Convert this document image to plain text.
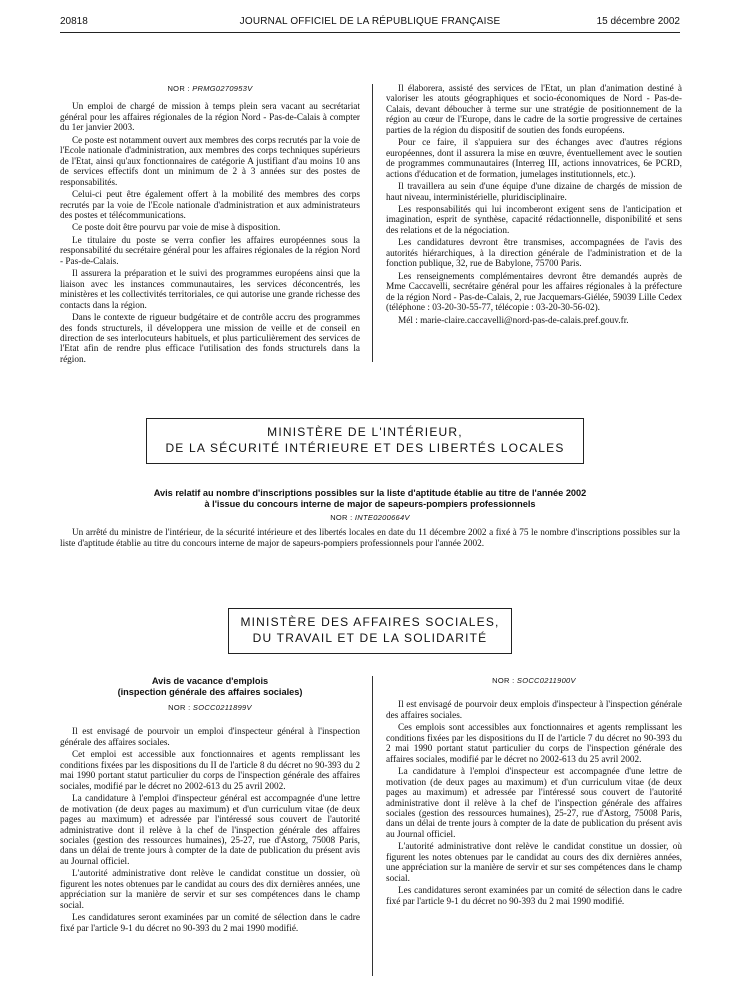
20818	JOURNAL OFFICIEL DE LA RÉPUBLIQUE FRANÇAISE	15 décembre 2002
NOR : PRMG0270953V

Un emploi de chargé de mission à temps plein sera vacant au secrétariat général pour les affaires régionales de la région Nord - Pas-de-Calais à compter du 1er janvier 2003.

Ce poste est notamment ouvert aux membres des corps recrutés par la voie de l'Ecole nationale d'administration, aux membres des corps techniques supérieurs de l'Etat, ainsi qu'aux fonctionnaires de catégorie A justifiant d'au moins 10 ans de services effectifs dont un minimum de 2 à 3 années sur des postes de responsabilités.

Celui-ci peut être également offert à la mobilité des membres des corps recrutés par la voie de l'Ecole nationale d'administration et aux administrateurs des postes et télécommunications.

Ce poste doit être pourvu par voie de mise à disposition.

Le titulaire du poste se verra confier les affaires européennes sous la responsabilité du secrétaire général pour les affaires régionales de la région Nord - Pas-de-Calais.

Il assurera la préparation et le suivi des programmes européens ainsi que la liaison avec les instances communautaires, les services déconcentrés, les ministères et les collectivités territoriales, ce qui autorise une grande richesse des contacts dans la région.

Dans le contexte de rigueur budgétaire et de contrôle accru des programmes des fonds structurels, il développera une mission de veille et de conseil en direction de ses interlocuteurs habituels, et plus particulièrement des services de l'Etat afin de rendre plus efficace l'utilisation des fonds structurels dans la région.

Il élaborera, assisté des services de l'Etat, un plan d'animation destiné à valoriser les atouts géographiques et socio-économiques de Nord - Pas-de-Calais, devant déboucher à terme sur une stratégie de positionnement de la région au cœur de l'Europe, dans le cadre de la sortie progressive de certaines parties de la région du dispositif de soutien des fonds européens.

Pour ce faire, il s'appuiera sur des échanges avec d'autres régions européennes, dont il assurera la mise en œuvre, éventuellement avec le soutien de programmes communautaires (Interreg III, actions innovatrices, 6e PCRD, actions d'éducation et de formation, jumelages institutionnels, etc.).

Il travaillera au sein d'une équipe d'une dizaine de chargés de mission de haut niveau, interministérielle, pluridisciplinaire.

Les responsabilités qui lui incomberont exigent sens de l'anticipation et imagination, esprit de synthèse, capacité rédactionnelle, disponibilité et sens des relations et de la négociation.

Les candidatures devront être transmises, accompagnées de l'avis des autorités hiérarchiques, à la direction générale de l'administration et de la fonction publique, 32, rue de Babylone, 75700 Paris.

Les renseignements complémentaires devront être demandés auprès de Mme Caccavelli, secrétaire général pour les affaires régionales à la préfecture de la région Nord - Pas-de-Calais, 2, rue Jacquemars-Giélée, 59039 Lille Cedex (téléphone : 03-20-30-55-77, télécopie : 03-20-30-56-02).

Mél : marie-claire.caccavelli@nord-pas-de-calais.pref.gouv.fr.

MINISTÈRE DE L'INTÉRIEUR,
DE LA SÉCURITÉ INTÉRIEURE ET DES LIBERTÉS LOCALES
Avis relatif au nombre d'inscriptions possibles sur la liste d'aptitude établie au titre de l'année 2002
à l'issue du concours interne de major de sapeurs-pompiers professionnels
NOR : INTE0200664V

Un arrêté du ministre de l'intérieur, de la sécurité intérieure et des libertés locales en date du 11 décembre 2002 a fixé à 75 le nombre d'inscriptions possibles sur la liste d'aptitude établie au titre du concours interne de major de sapeurs-pompiers professionnels pour l'année 2002.

MINISTÈRE DES AFFAIRES SOCIALES,
DU TRAVAIL ET DE LA SOLIDARITÉ
Avis de vacance d'emplois
(inspection générale des affaires sociales)
NOR : SOCC0211899V

Il est envisagé de pourvoir un emploi d'inspecteur général à l'inspection générale des affaires sociales.

Cet emploi est accessible aux fonctionnaires et agents remplissant les conditions fixées par les dispositions du II de l'article 8 du décret no 90-393 du 2 mai 1990 portant statut particulier du corps de l'inspection générale des affaires sociales, modifié par le décret no 2002-613 du 25 avril 2002.

La candidature à l'emploi d'inspecteur général est accompagnée d'une lettre de motivation (de deux pages au maximum) et d'un curriculum vitae (de deux pages au maximum) et adressée par l'intéressé sous couvert de l'autorité administrative dont il relève à la chef de l'inspection générale des affaires sociales (gestion des ressources humaines), 25-27, rue d'Astorg, 75008 Paris, dans un délai de trente jours à compter de la date de publication du présent avis au Journal officiel.

L'autorité administrative dont relève le candidat constitue un dossier, où figurent les notes obtenues par le candidat au cours des dix dernières années, une appréciation sur la manière de servir et sur ses compétences dans le champ social.

Les candidatures seront examinées par un comité de sélection dans le cadre fixé par l'article 9-1 du décret no 90-393 du 2 mai 1990 modifié.

NOR : SOCC0211900V

Il est envisagé de pourvoir deux emplois d'inspecteur à l'inspection générale des affaires sociales.

Ces emplois sont accessibles aux fonctionnaires et agents remplissant les conditions fixées par les dispositions du II de l'article 7 du décret no 90-393 du 2 mai 1990 portant statut particulier du corps de l'inspection générale des affaires sociales, modifié par le décret no 2002-613 du 25 avril 2002.

La candidature à l'emploi d'inspecteur est accompagnée d'une lettre de motivation (de deux pages au maximum) et d'un curriculum vitae (de deux pages au maximum) et adressée par l'intéressé sous couvert de l'autorité administrative dont il relève à la chef de l'inspection générale des affaires sociales (gestion des ressources humaines), 25-27, rue d'Astorg, 75008 Paris, dans un délai de trente jours à compter de la date de publication du présent avis au Journal officiel.

L'autorité administrative dont relève le candidat constitue un dossier, où figurent les notes obtenues par le candidat au cours des dix dernières années, une appréciation sur la manière de servir et sur ses compétences dans le champ social.

Les candidatures seront examinées par un comité de sélection dans le cadre fixé par l'article 9-1 du décret no 90-393 du 2 mai 1990 modifié.
